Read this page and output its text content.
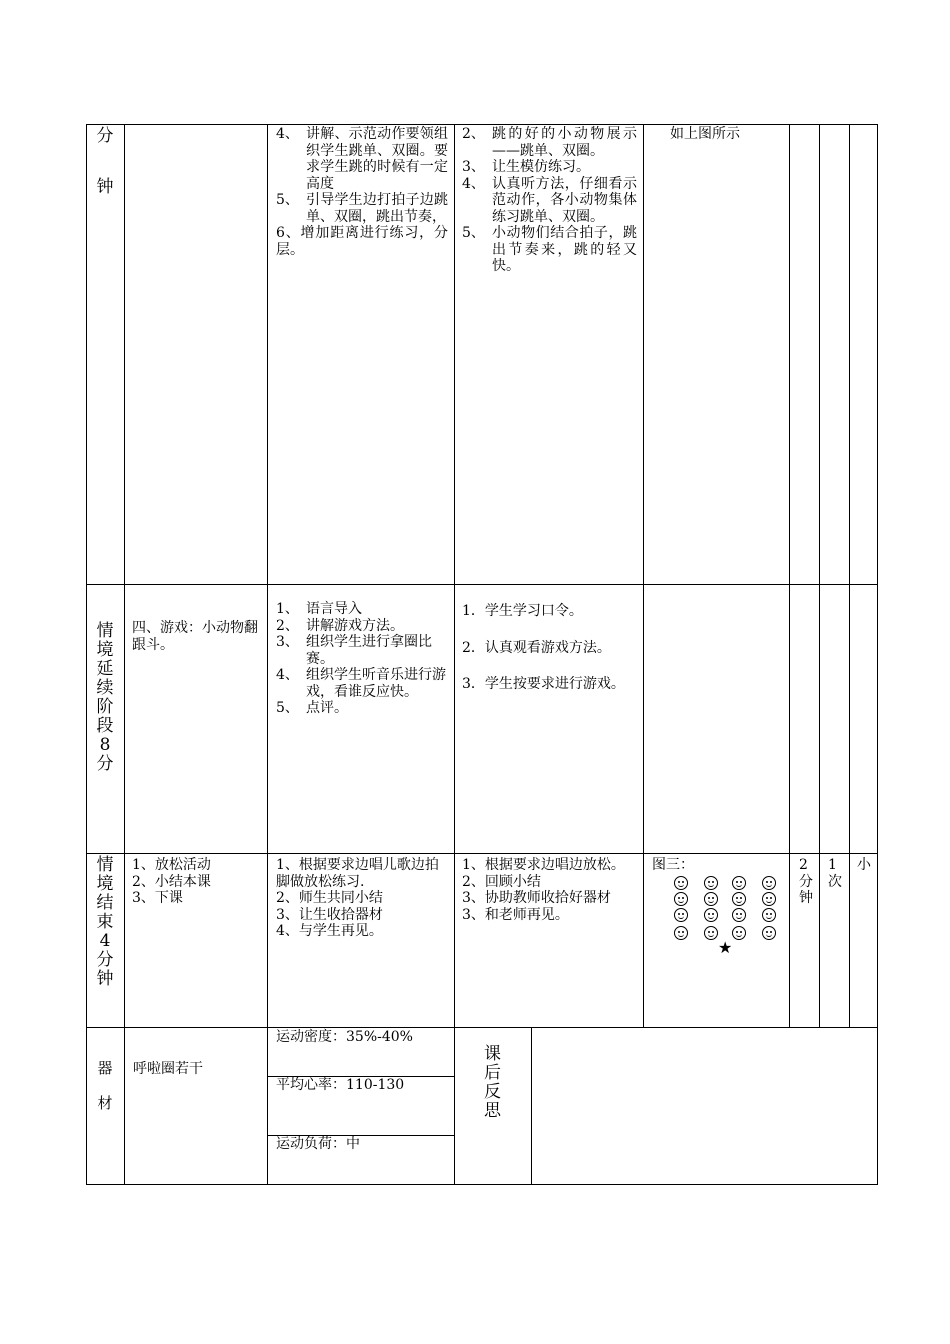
分
钟
4、 讲解、示范动作要领组织学生跳单、双圈。要求学生跳的时候有一定高度
5、 引导学生边打拍子边跳单、双圈，跳出节奏，
6、增加距离进行练习，分层。
2、 跳的好的小动物展示——跳单、双圈。
3、 让生模仿练习。
4、 认真听方法，仔细看示范动作，各小动物集体练习跳单、双圈。
5、 小动物们结合拍子，跳出节奏来，跳的轻又快。
如上图所示
情
境
延
续
阶
段
8
分
四、游戏：小动物翻跟斗。
1、 语言导入
2、 讲解游戏方法。
3、 组织学生进行拿圈比赛。
4、 组织学生听音乐进行游戏，看谁反应快。
5、 点评。
1．学生学习口令。
2．认真观看游戏方法。
3．学生按要求进行游戏。
情
境
结
束
4
分
钟
1、放松活动
2、小结本课
3、下课
1、根据要求边唱儿歌边拍脚做放松练习.
2、师生共同小结
3、让生收拾器材
4、与学生再见。
1、根据要求边唱边放松。
2、回顾小结
3、协助教师收拾好器材
3、和老师再见。
图三：
★
2分钟
1次
小
器
材
呼啦圈若干
运动密度：35%-40%
平均心率：110-130
运动负荷：中
课
后
反
思
